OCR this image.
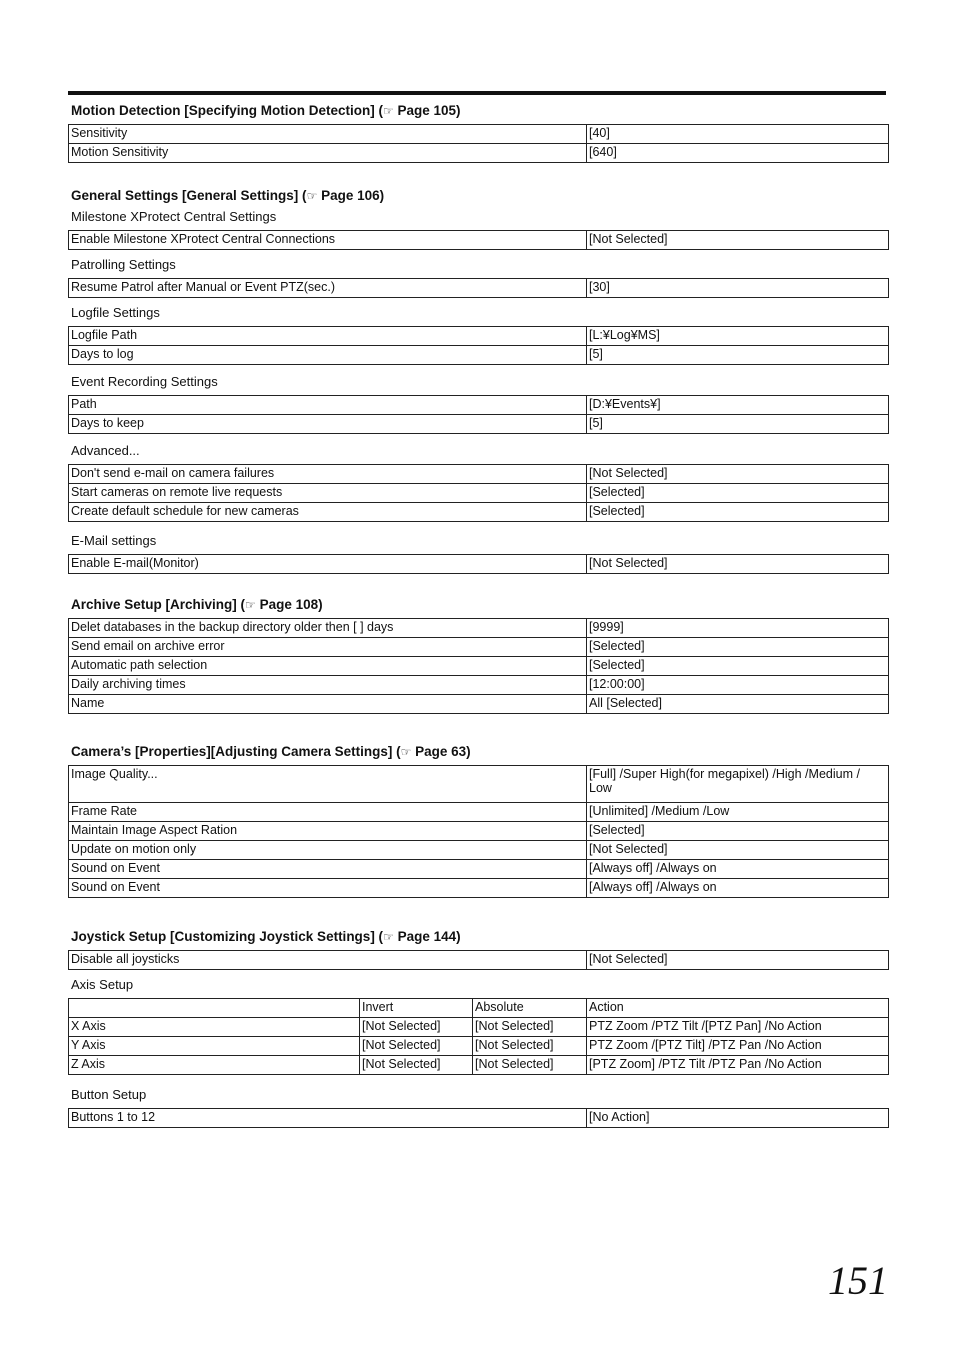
Motion Detection [Specifying Motion Detection] (☞ Page 105)
Sensitivity	[40]
Motion Sensitivity	[640]
General Settings [General Settings] (☞ Page 106)
Milestone XProtect Central Settings
Enable Milestone XProtect Central Connections	[Not Selected]
Patrolling Settings
Resume Patrol after Manual or Event PTZ(sec.)	[30]
Logfile Settings
Logfile Path	[L:¥Log¥MS]
Days to log	[5]
Event Recording Settings
Path	[D:¥Events¥]
Days to keep	[5]
Advanced...
Don't send e-mail on camera failures	[Not Selected]
Start cameras on remote live requests	[Selected]
Create default schedule for new cameras	[Selected]
E-Mail settings
Enable E-mail(Monitor)	[Not Selected]
Archive Setup [Archiving] (☞ Page 108)
Delet databases in the backup directory older then [ ] days	[9999]
Send email on archive error	[Selected]
Automatic path selection	[Selected]
Daily archiving times	[12:00:00]
Name	All [Selected]
Camera’s [Properties][Adjusting Camera Settings] (☞ Page 63)
Image Quality...	[Full] /Super High(for megapixel) /High /Medium / Low
Frame Rate	[Unlimited] /Medium /Low
Maintain Image Aspect Ration	[Selected]
Update on motion only	[Not Selected]
Sound on Event	[Always off] /Always on
Sound on Event	[Always off] /Always on
Joystick Setup [Customizing Joystick Settings] (☞ Page 144)
Disable all joysticks	[Not Selected]
Axis Setup
	Invert	Absolute	Action
X Axis	[Not Selected]	[Not Selected]	PTZ Zoom /PTZ Tilt /[PTZ Pan] /No Action
Y Axis	[Not Selected]	[Not Selected]	PTZ Zoom /[PTZ Tilt] /PTZ Pan /No Action
Z Axis	[Not Selected]	[Not Selected]	[PTZ Zoom] /PTZ Tilt /PTZ Pan /No Action
Button Setup
Buttons 1 to 12	[No Action]
151
